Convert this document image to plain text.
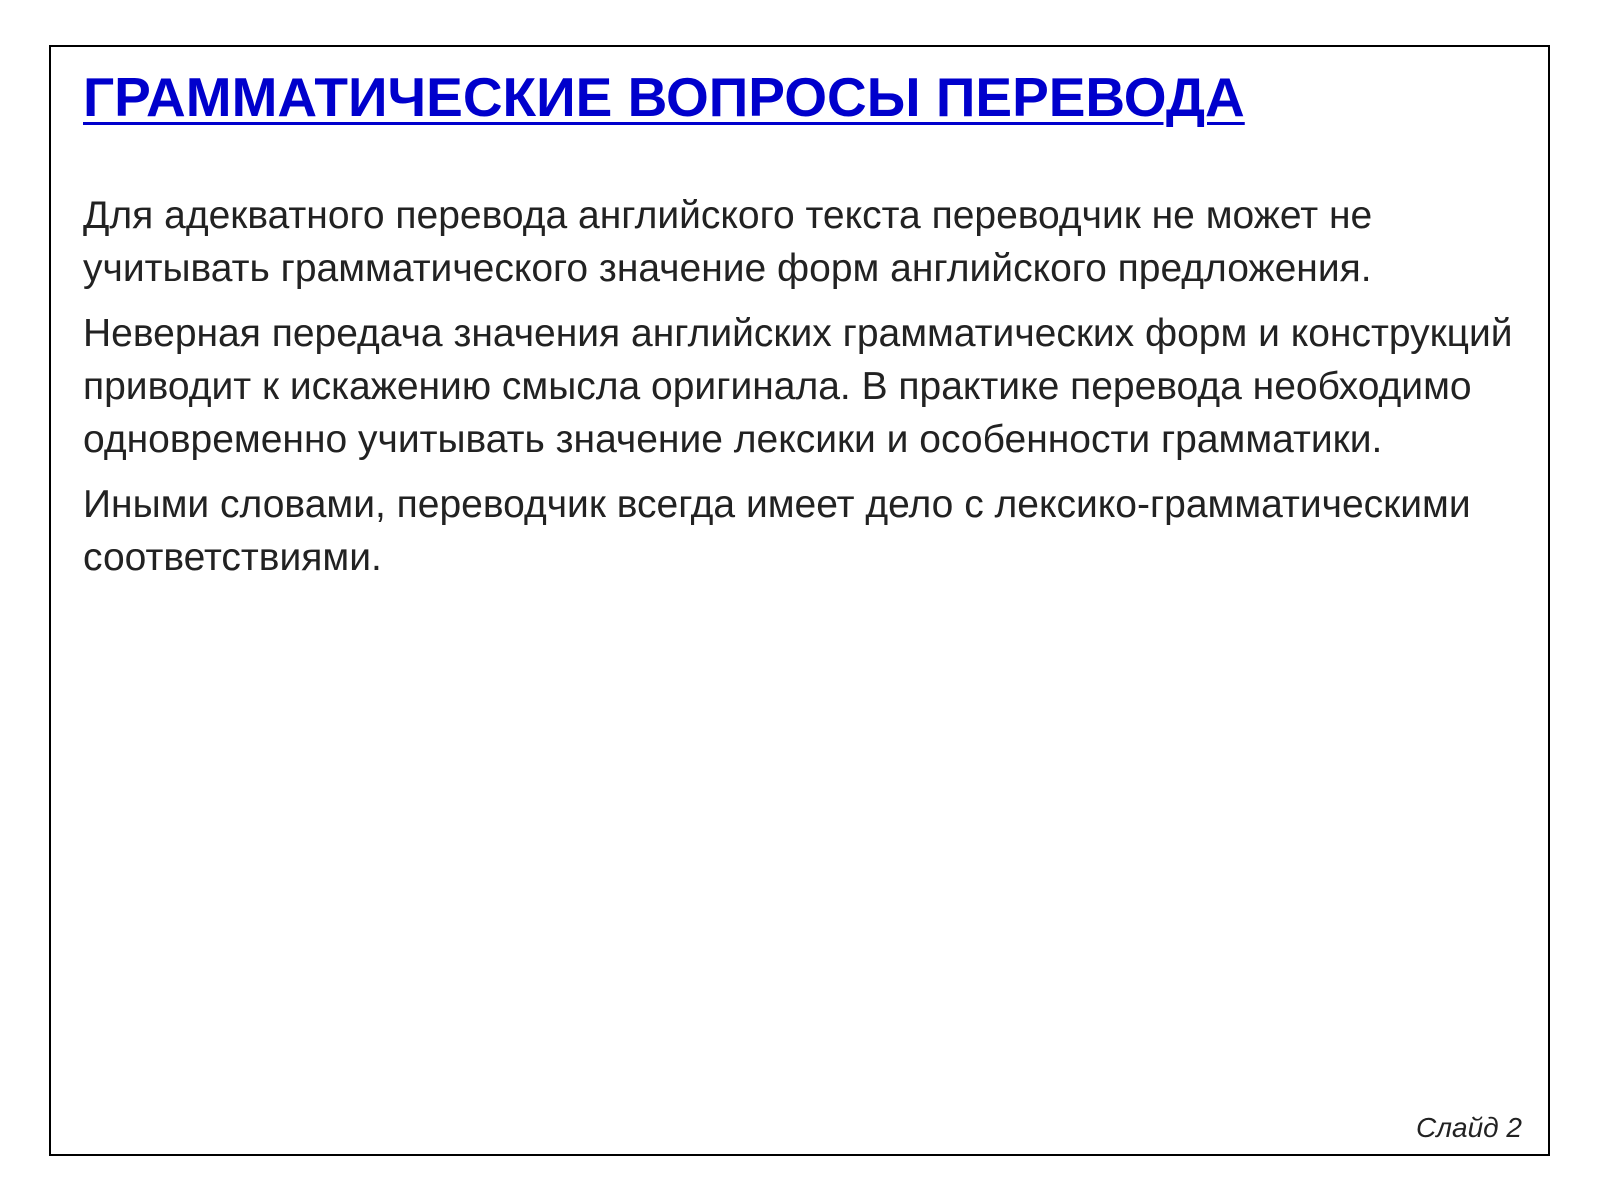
ГРАММАТИЧЕСКИЕ ВОПРОСЫ ПЕРЕВОДА

Для адекватного перевода английского текста переводчик не может не учитывать грамматического значение форм английского предложения.

Неверная передача значения английских грамматических форм и конструкций приводит к искажению смысла оригинала. В практике перевода необходимо одновременно учитывать значение лексики и особенности грамматики.

Иными словами, переводчик всегда имеет дело с лексико-грамматическими соответствиями.

Слайд 2
